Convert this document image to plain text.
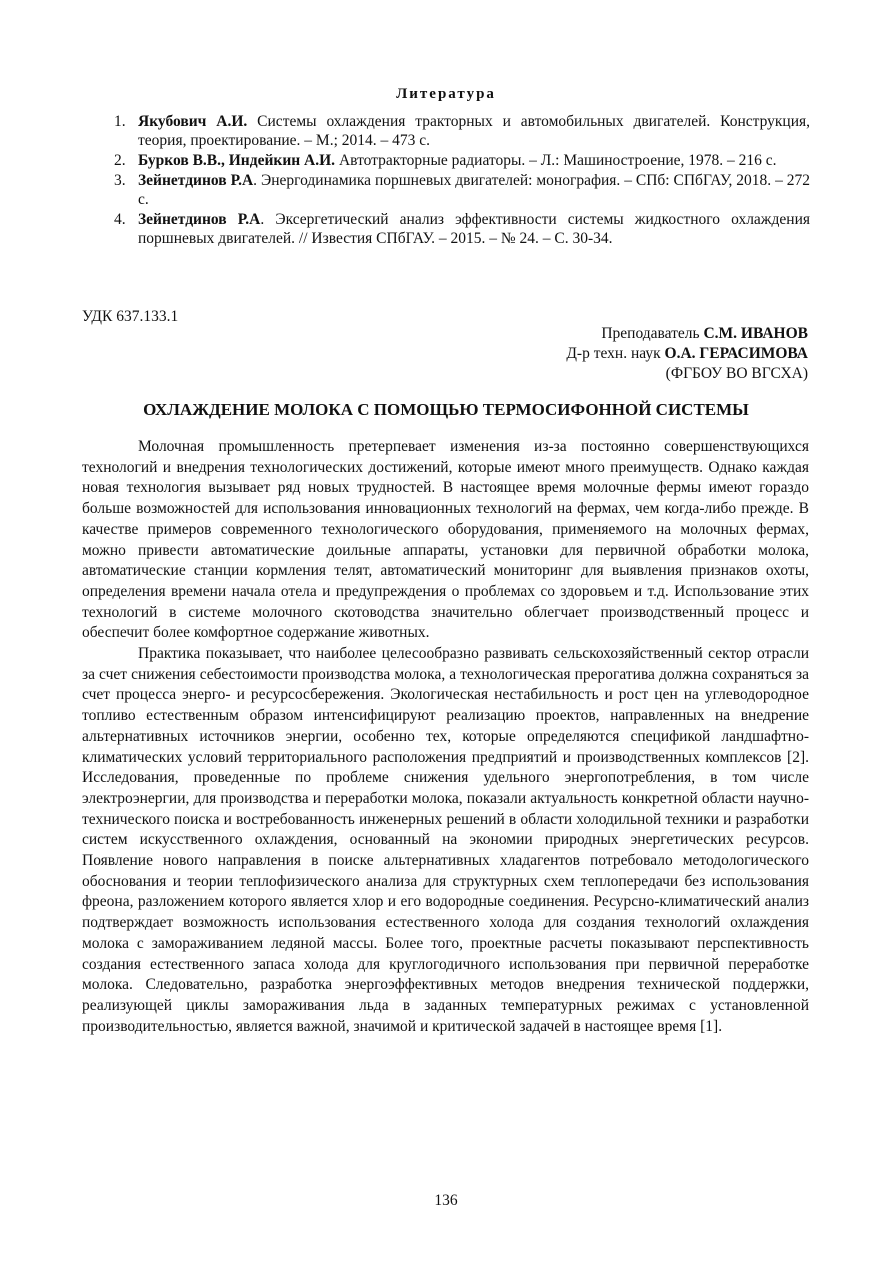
Литература
1. Якубович А.И. Системы охлаждения тракторных и автомобильных двигателей. Конструкция, теория, проектирование. – М.; 2014. – 473 с.
2. Бурков В.В., Индейкин А.И. Автотракторные радиаторы. – Л.: Машиностроение, 1978. – 216 с.
3. Зейнетдинов Р.А. Энергодинамика поршневых двигателей: монография. – СПб: СПбГАУ, 2018. – 272 с.
4. Зейнетдинов Р.А. Эксергетический анализ эффективности системы жидкостного охлаждения поршневых двигателей. // Известия СПбГАУ. – 2015. – № 24. – С. 30-34.
УДК 637.133.1
Преподаватель С.М. ИВАНОВ
Д-р техн. наук О.А. ГЕРАСИМОВА
(ФГБОУ ВО ВГСХА)
ОХЛАЖДЕНИЕ МОЛОКА С ПОМОЩЬЮ ТЕРМОСИФОННОЙ СИСТЕМЫ

Молочная промышленность претерпевает изменения из-за постоянно совершенствующихся технологий и внедрения технологических достижений, которые имеют много преимуществ. Однако каждая новая технология вызывает ряд новых трудностей. В настоящее время молочные фермы имеют гораздо больше возможностей для использования инновационных технологий на фермах, чем когда-либо прежде. В качестве примеров современного технологического оборудования, применяемого на молочных фермах, можно привести автоматические доильные аппараты, установки для первичной обработки молока, автоматические станции кормления телят, автоматический мониторинг для выявления признаков охоты, определения времени начала отела и предупреждения о проблемах со здоровьем и т.д. Использование этих технологий в системе молочного скотоводства значительно облегчает производственный процесс и обеспечит более комфортное содержание животных.

Практика показывает, что наиболее целесообразно развивать сельскохозяйственный сектор отрасли за счет снижения себестоимости производства молока, а технологическая прерогатива должна сохраняться за счет процесса энерго- и ресурсосбережения. Экологическая нестабильность и рост цен на углеводородное топливо естественным образом интенсифицируют реализацию проектов, направленных на внедрение альтернативных источников энергии, особенно тех, которые определяются спецификой ландшафтно-климатических условий территориального расположения предприятий и производственных комплексов [2]. Исследования, проведенные по проблеме снижения удельного энергопотребления, в том числе электроэнергии, для производства и переработки молока, показали актуальность конкретной области научно-технического поиска и востребованность инженерных решений в области холодильной техники и разработки систем искусственного охлаждения, основанный на экономии природных энергетических ресурсов. Появление нового направления в поиске альтернативных хладагентов потребовало методологического обоснования и теории теплофизического анализа для структурных схем теплопередачи без использования фреона, разложением которого является хлор и его водородные соединения. Ресурсно-климатический анализ подтверждает возможность использования естественного холода для создания технологий охлаждения молока с замораживанием ледяной массы. Более того, проектные расчеты показывают перспективность создания естественного запаса холода для круглогодичного использования при первичной переработке молока. Следовательно, разработка энергоэффективных методов внедрения технической поддержки, реализующей циклы замораживания льда в заданных температурных режимах с установленной производительностью, является важной, значимой и критической задачей в настоящее время [1].

136
